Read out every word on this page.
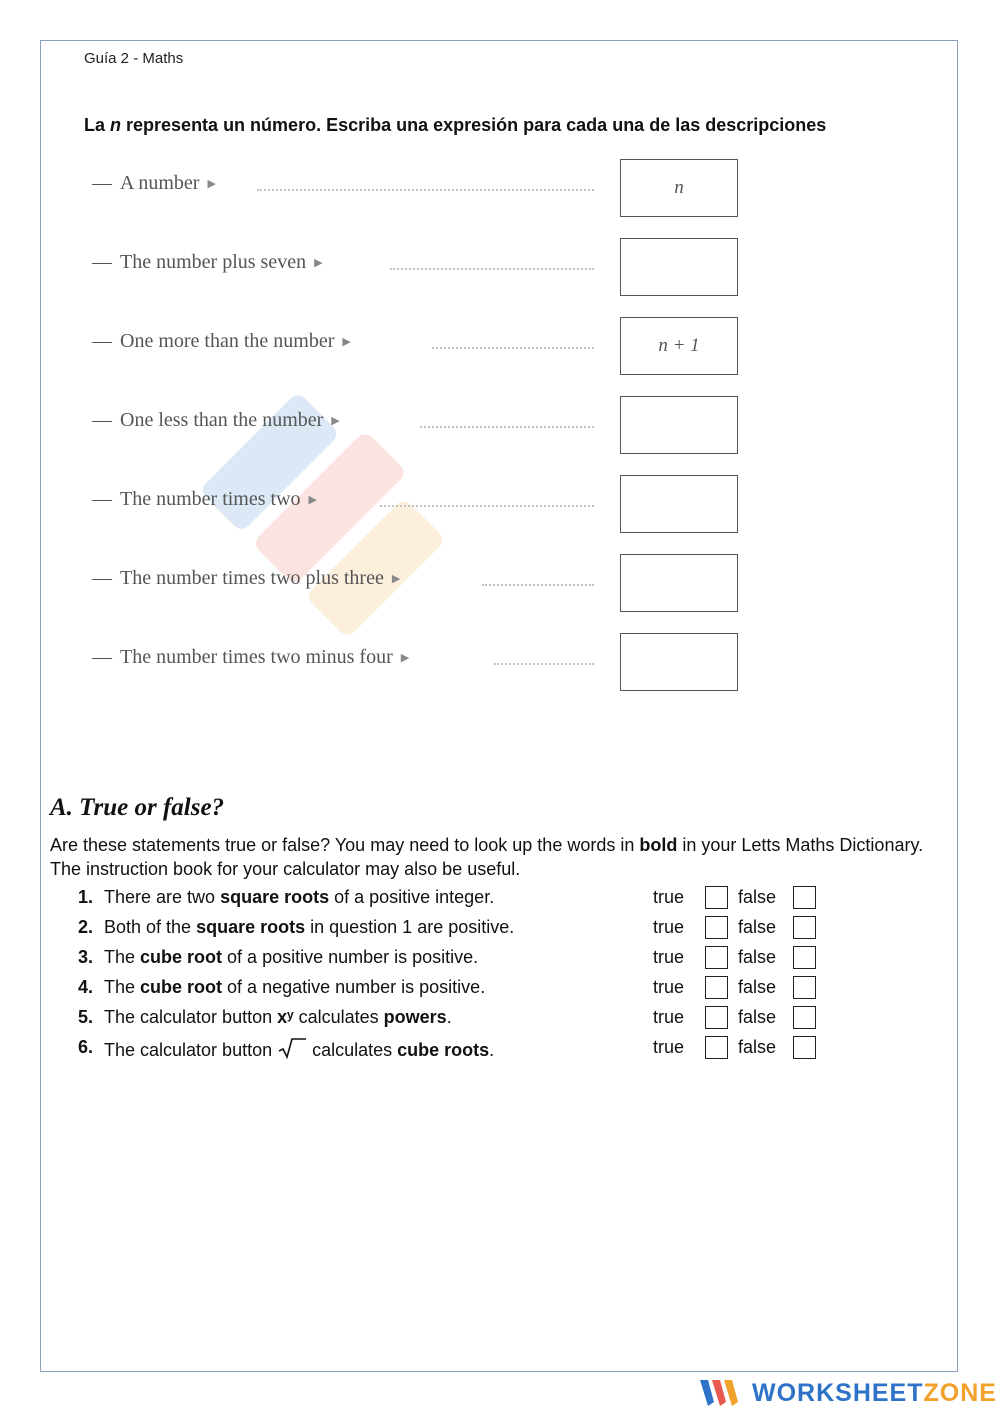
Guía 2 - Maths
La n representa un número. Escriba una expresión para cada una de las descripciones
— A number ▶	n
— The number plus seven ▶
— One more than the number ▶	n + 1
— One less than the number ▶
— The number times two ▶
— The number times two plus three ▶
— The number times two minus four ▶
A. True or false?
Are these statements true or false? You may need to look up the words in bold in your Letts Maths Dictionary. The instruction book for your calculator may also be useful.
1. There are two square roots of a positive integer.	true	false
2. Both of the square roots in question 1 are positive.	true	false
3. The cube root of a positive number is positive.	true	false
4. The cube root of a negative number is positive.	true	false
5. The calculator button xʸ calculates powers.	true	false
6. The calculator button  calculates cube roots.	true	false
WORKSHEETZONE
